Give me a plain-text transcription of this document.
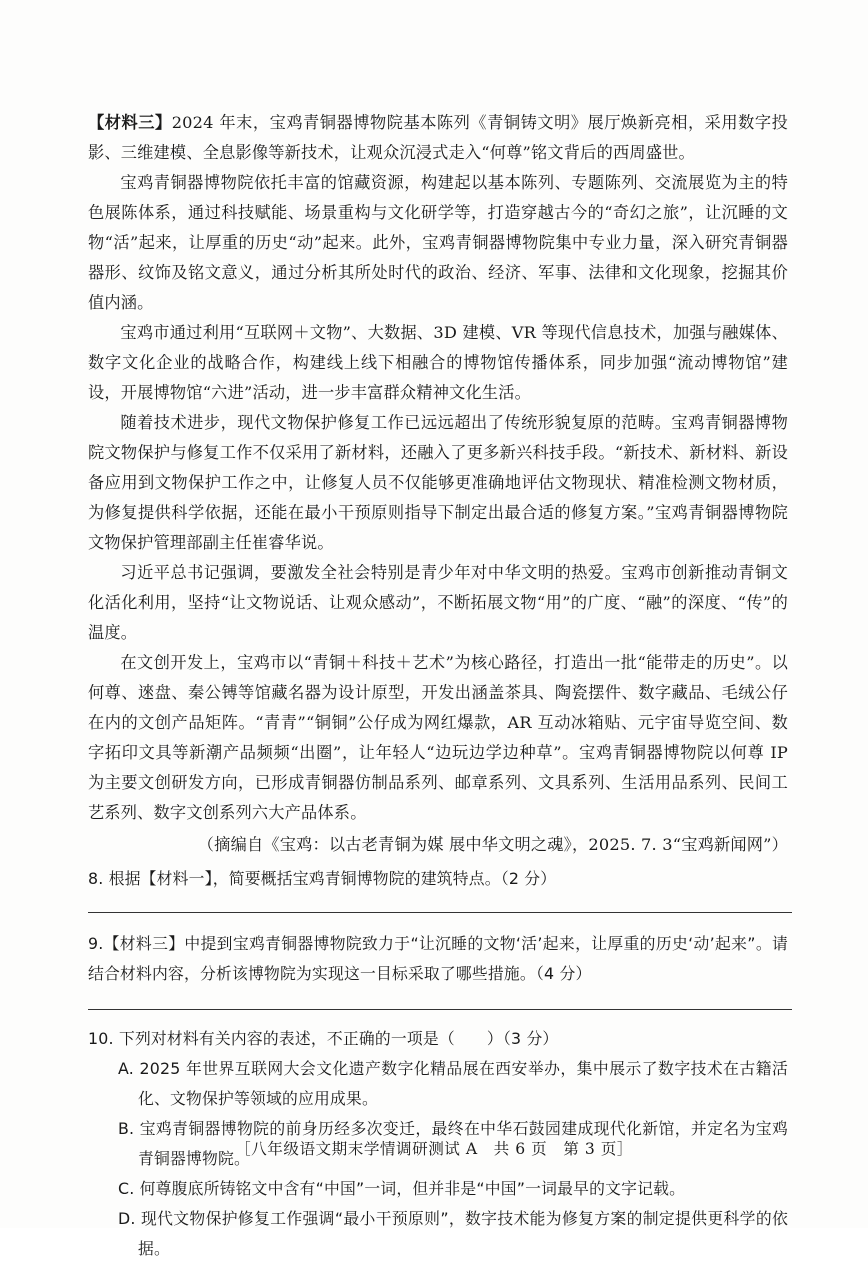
【材料三】2024 年末，宝鸡青铜器博物院基本陈列《青铜铸文明》展厅焕新亮相，采用数字投影、三维建模、全息影像等新技术，让观众沉浸式走入“何尊”铭文背后的西周盛世。

宝鸡青铜器博物院依托丰富的馆藏资源，构建起以基本陈列、专题陈列、交流展览为主的特色展陈体系，通过科技赋能、场景重构与文化研学等，打造穿越古今的“奇幻之旅”，让沉睡的文物“活”起来，让厚重的历史“动”起来。此外，宝鸡青铜器博物院集中专业力量，深入研究青铜器器形、纹饰及铭文意义，通过分析其所处时代的政治、经济、军事、法律和文化现象，挖掘其价值内涵。

宝鸡市通过利用“互联网＋文物”、大数据、3D 建模、VR 等现代信息技术，加强与融媒体、数字文化企业的战略合作，构建线上线下相融合的博物馆传播体系，同步加强“流动博物馆”建设，开展博物馆“六进”活动，进一步丰富群众精神文化生活。

随着技术进步，现代文物保护修复工作已远远超出了传统形貌复原的范畴。宝鸡青铜器博物院文物保护与修复工作不仅采用了新材料，还融入了更多新兴科技手段。“新技术、新材料、新设备应用到文物保护工作之中，让修复人员不仅能够更准确地评估文物现状、精准检测文物材质，为修复提供科学依据，还能在最小干预原则指导下制定出最合适的修复方案。”宝鸡青铜器博物院文物保护管理部副主任崔睿华说。

习近平总书记强调，要激发全社会特别是青少年对中华文明的热爱。宝鸡市创新推动青铜文化活化利用，坚持“让文物说话、让观众感动”，不断拓展文物“用”的广度、“融”的深度、“传”的温度。

在文创开发上，宝鸡市以“青铜＋科技＋艺术”为核心路径，打造出一批“能带走的历史”。以何尊、逨盘、秦公镈等馆藏名器为设计原型，开发出涵盖茶具、陶瓷摆件、数字藏品、毛绒公仔在内的文创产品矩阵。“青青”“铜铜”公仔成为网红爆款，AR 互动冰箱贴、元宇宙导览空间、数字拓印文具等新潮产品频频“出圈”，让年轻人“边玩边学边种草”。宝鸡青铜器博物院以何尊 IP 为主要文创研发方向，已形成青铜器仿制品系列、邮章系列、文具系列、生活用品系列、民间工艺系列、数字文创系列六大产品体系。

（摘编自《宝鸡：以古老青铜为媒 展中华文明之魂》，2025. 7. 3“宝鸡新闻网”）

8. 根据【材料一】，简要概括宝鸡青铜博物院的建筑特点。（2 分）

9.【材料三】中提到宝鸡青铜器博物院致力于“让沉睡的文物‘活’起来，让厚重的历史‘动’起来”。请结合材料内容，分析该博物院为实现这一目标采取了哪些措施。（4 分）

10. 下列对材料有关内容的表述，不正确的一项是（　　）（3 分）

A. 2025 年世界互联网大会文化遗产数字化精品展在西安举办，集中展示了数字技术在古籍活化、文物保护等领域的应用成果。

B. 宝鸡青铜器博物院的前身历经多次变迁，最终在中华石鼓园建成现代化新馆，并定名为宝鸡青铜器博物院。

C. 何尊腹底所铸铭文中含有“中国”一词，但并非是“中国”一词最早的文字记载。

D. 现代文物保护修复工作强调“最小干预原则”，数字技术能为修复方案的制定提供更科学的依据。

［八年级语文期末学情调研测试 A　共 6 页　第 3 页］
